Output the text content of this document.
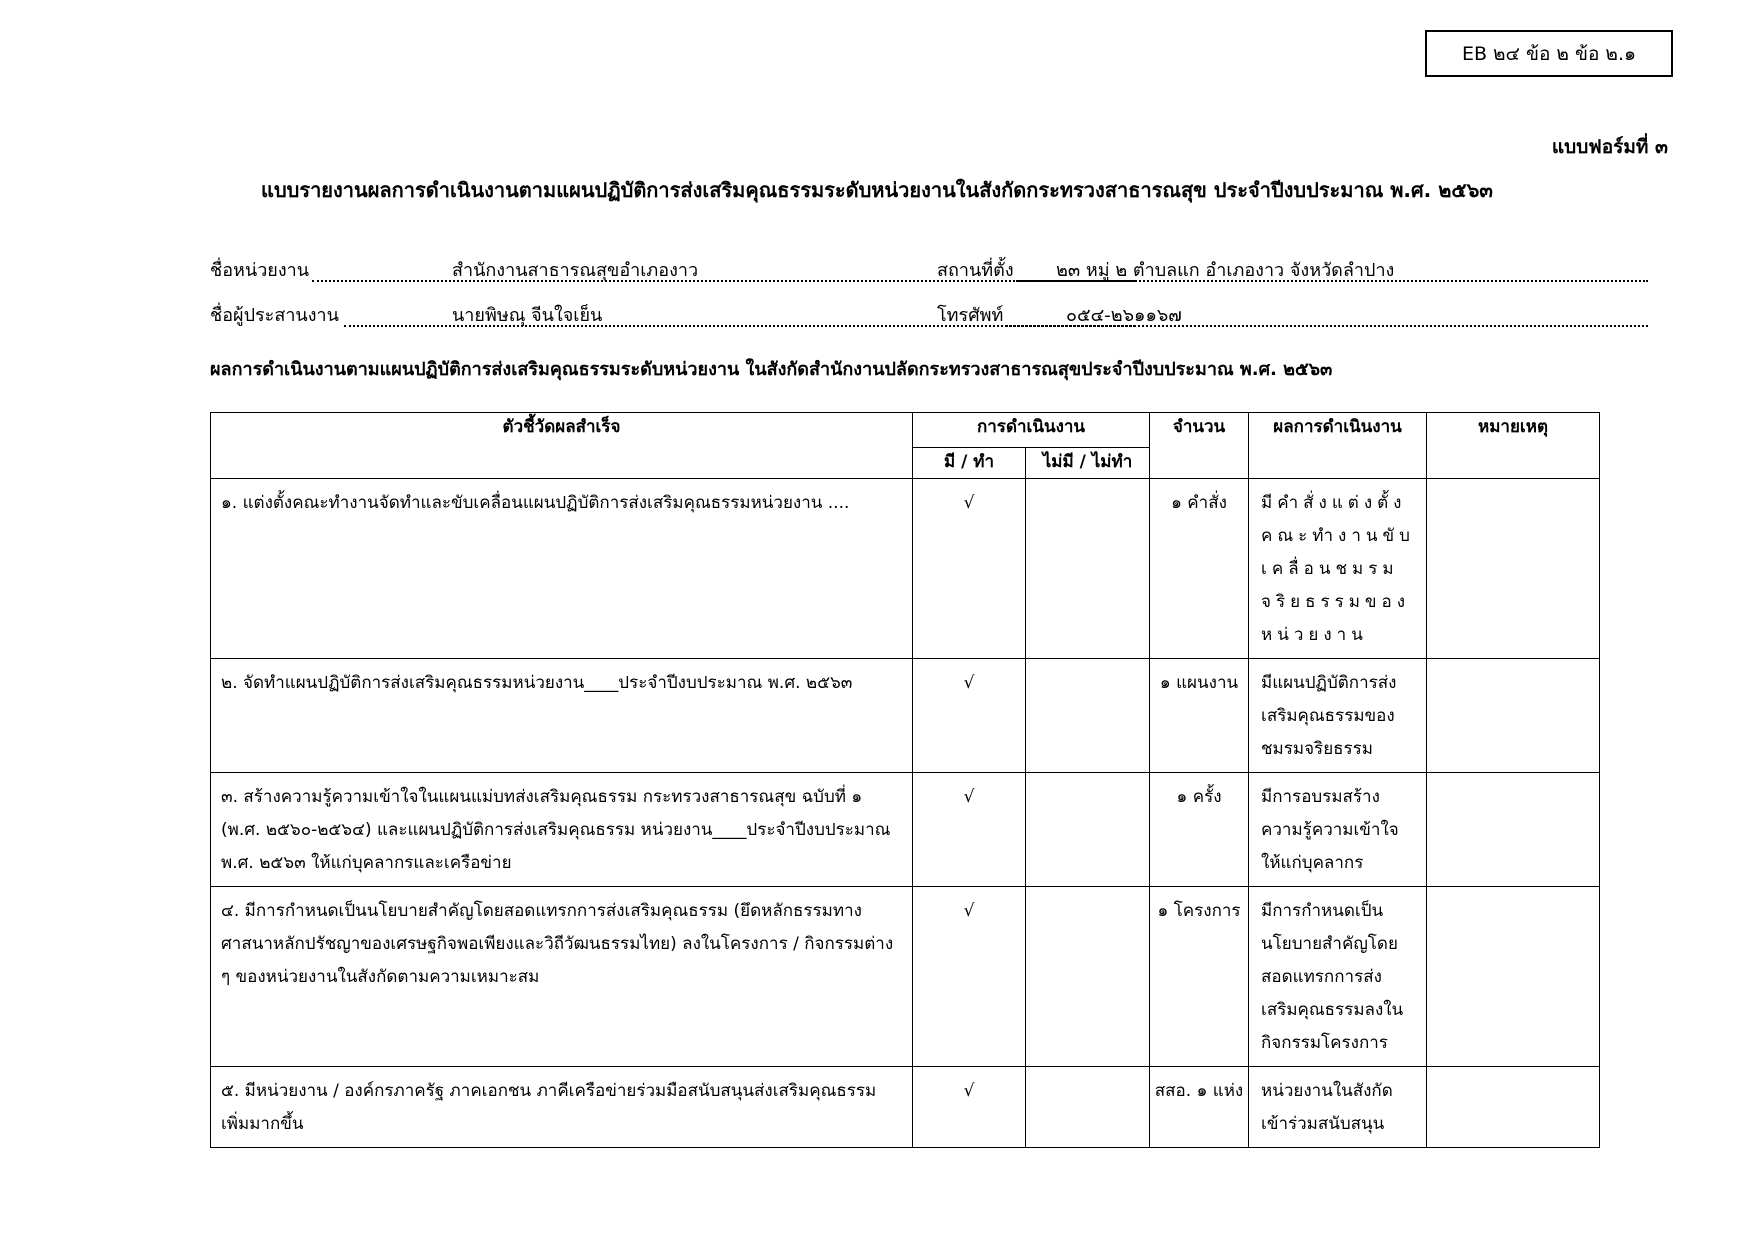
EB ๒๔ ข้อ ๒ ข้อ ๒.๑
แบบฟอร์มที่ ๓
แบบรายงานผลการดำเนินงานตามแผนปฏิบัติการส่งเสริมคุณธรรมระดับหน่วยงานในสังกัดกระทรวงสาธารณสุข ประจำปีงบประมาณ พ.ศ. ๒๕๖๓
ชื่อหน่วยงาน	สำนักงานสาธารณสุขอำเภองาว	สถานที่ตั้ง ๒๓ หมู่ ๒ ตำบลแก อำเภองาว จังหวัดลำปาง
ชื่อผู้ประสานงาน	นายพิษณุ จีนใจเย็น	โทรศัพท์	๐๕๔-๒๖๑๑๖๗
ผลการดำเนินงานตามแผนปฏิบัติการส่งเสริมคุณธรรมระดับหน่วยงาน ในสังกัดสำนักงานปลัดกระทรวงสาธารณสุขประจำปีงบประมาณ พ.ศ. ๒๕๖๓
ตัวชี้วัดผลสำเร็จ	การดำเนินงาน		จำนวน	ผลการดำเนินงาน	หมายเหตุ
	มี / ทำ	ไม่มี / ไม่ทำ			
๑. แต่งตั้งคณะทำงานจัดทำและขับเคลื่อนแผนปฏิบัติการส่งเสริมคุณธรรมหน่วยงาน ....	√		๑ คำสั่ง	มีคำสั่งแต่งตั้งคณะทำงานขับเคลื่อนชมรมจริยธรรมของหน่วยงาน	
๒. จัดทำแผนปฏิบัติการส่งเสริมคุณธรรมหน่วยงาน____ประจำปีงบประมาณ พ.ศ. ๒๕๖๓	√		๑ แผนงาน	มีแผนปฏิบัติการส่งเสริมคุณธรรมของชมรมจริยธรรม	
๓. สร้างความรู้ความเข้าใจในแผนแม่บทส่งเสริมคุณธรรม กระทรวงสาธารณสุข ฉบับที่ ๑ (พ.ศ. ๒๕๖๐-๒๕๖๔) และแผนปฏิบัติการส่งเสริมคุณธรรม หน่วยงาน____ประจำปีงบประมาณ พ.ศ. ๒๕๖๓ ให้แก่บุคลากรและเครือข่าย	√		๑ ครั้ง	มีการอบรมสร้างความรู้ความเข้าใจให้แก่บุคลากร	
๔. มีการกำหนดเป็นนโยบายสำคัญโดยสอดแทรกการส่งเสริมคุณธรรม (ยึดหลักธรรมทางศาสนาหลักปรัชญาของเศรษฐกิจพอเพียงและวิถีวัฒนธรรมไทย) ลงในโครงการ / กิจกรรมต่าง ๆ ของหน่วยงานในสังกัดตามความเหมาะสม	√		๑ โครงการ	มีการกำหนดเป็นนโยบายสำคัญโดยสอดแทรกการส่งเสริมคุณธรรมลงในกิจกรรมโครงการ	
๕. มีหน่วยงาน / องค์กรภาครัฐ ภาคเอกชน ภาคีเครือข่ายร่วมมือสนับสนุนส่งเสริมคุณธรรมเพิ่มมากขึ้น	√		สสอ. ๑ แห่ง	หน่วยงานในสังกัดเข้าร่วมสนับสนุน	
